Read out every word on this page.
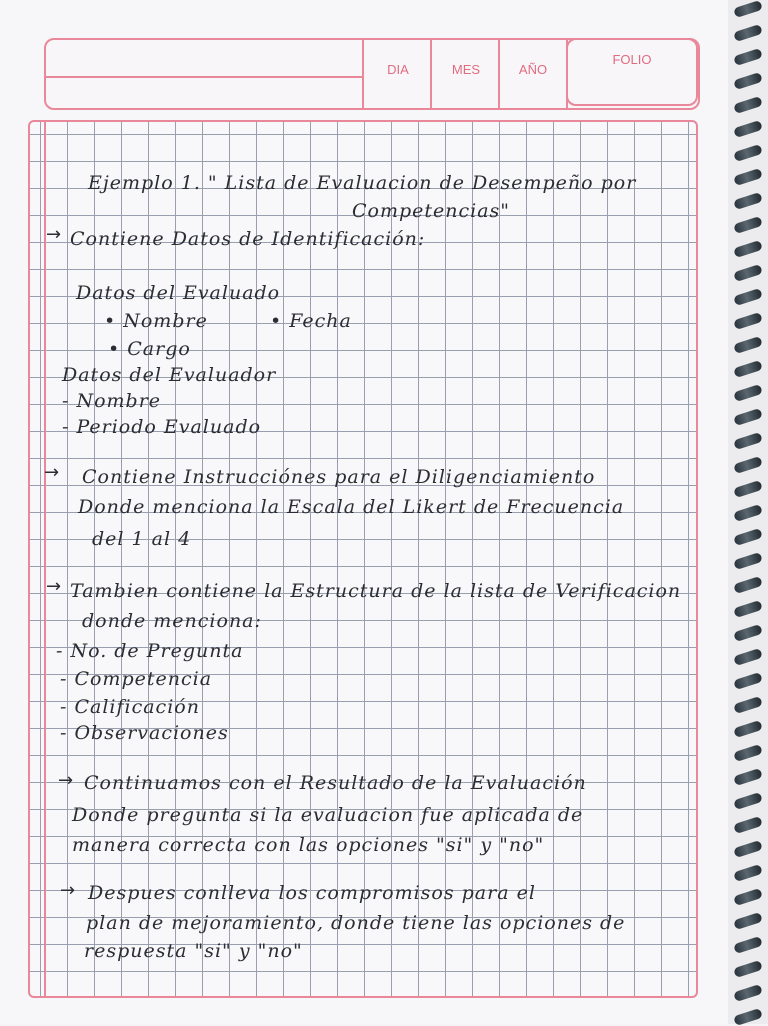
DIA	MES	AÑO
FOLIO
Ejemplo 1. " Lista de Evaluacion de Desempeño por
Competencias"
→ Contiene Datos de Identificación:
Datos del Evaluado
• Nombre	• Fecha
• Cargo
Datos del Evaluador
- Nombre
- Periodo Evaluado
→ Contiene Instrucciónes para el Diligenciamiento
Donde menciona la Escala del Likert de Frecuencia
del 1 al 4
→ Tambien contiene la Estructura de la lista de Verificacion
donde menciona:
- No. de Pregunta
- Competencia
- Calificación
- Observaciones
→ Continuamos con el Resultado de la Evaluación
Donde pregunta si la evaluacion fue aplicada de
manera correcta con las opciones "si" y "no"
→ Despues conlleva los compromisos para el
plan de mejoramiento, donde tiene las opciones de
respuesta "si" y "no"
